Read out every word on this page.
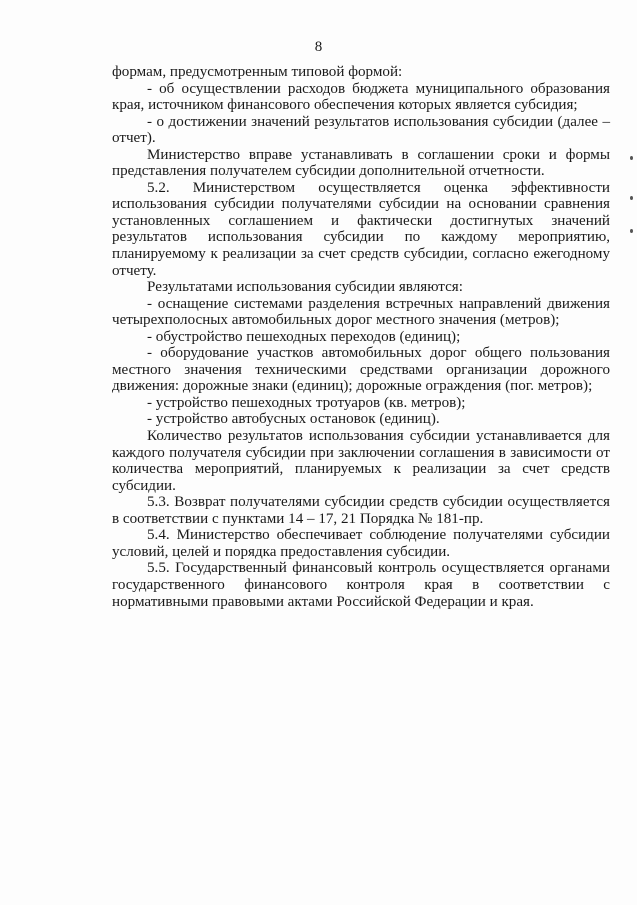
8

формам, предусмотренным типовой формой:

- об осуществлении расходов бюджета муниципального образования края, источником финансового обеспечения которых является субсидия;

- о достижении значений результатов использования субсидии (далее – отчет).

Министерство вправе устанавливать в соглашении сроки и формы представления получателем субсидии дополнительной отчетности.

5.2. Министерством осуществляется оценка эффективности использования субсидии получателями субсидии на основании сравнения установленных соглашением и фактически достигнутых значений результатов использования субсидии по каждому мероприятию, планируемому к реализации за счет средств субсидии, согласно ежегодному отчету.

Результатами использования субсидии являются:

- оснащение системами разделения встречных направлений движения четырехполосных автомобильных дорог местного значения (метров);

- обустройство пешеходных переходов (единиц);

- оборудование участков автомобильных дорог общего пользования местного значения техническими средствами организации дорожного движения: дорожные знаки (единиц); дорожные ограждения (пог. метров);

- устройство пешеходных тротуаров (кв. метров);

- устройство автобусных остановок (единиц).

Количество результатов использования субсидии устанавливается для каждого получателя субсидии при заключении соглашения в зависимости от количества мероприятий, планируемых к реализации за счет средств субсидии.

5.3. Возврат получателями субсидии средств субсидии осуществляется в соответствии с пунктами 14 – 17, 21 Порядка № 181-пр.

5.4. Министерство обеспечивает соблюдение получателями субсидии условий, целей и порядка предоставления субсидии.

5.5. Государственный финансовый контроль осуществляется органами государственного финансового контроля края в соответствии с нормативными правовыми актами Российской Федерации и края.
